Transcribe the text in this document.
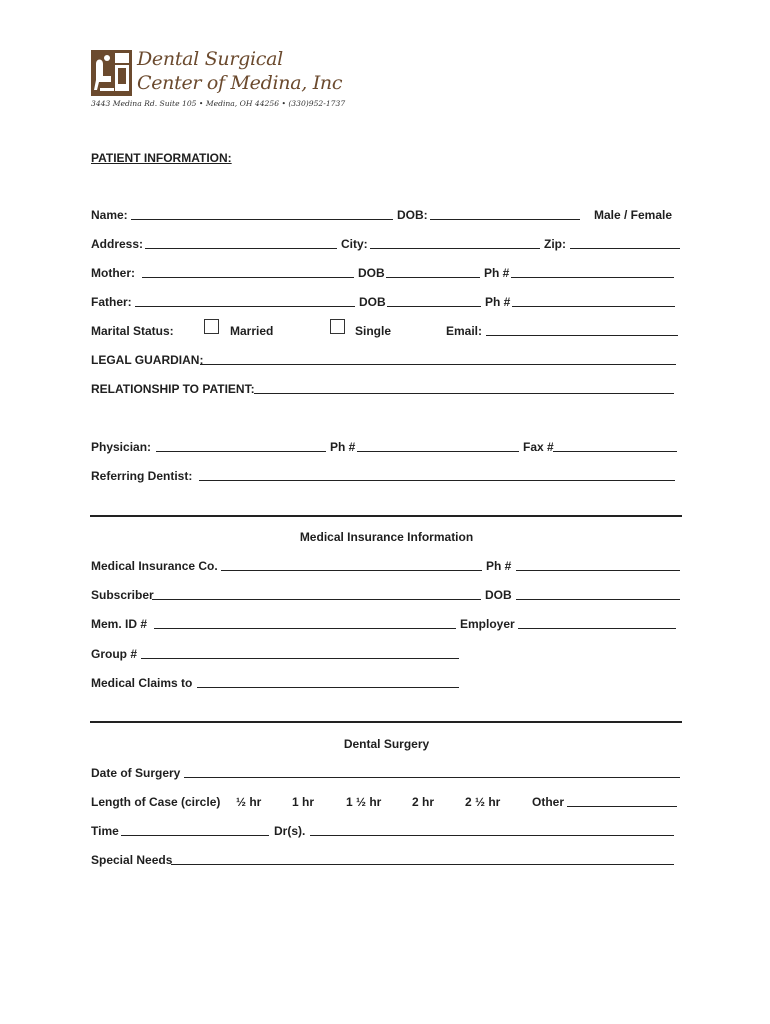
Dental Surgical
Center of Medina, Inc
3443 Medina Rd. Suite 105 • Medina, OH 44256 • (330)952-1737
PATIENT INFORMATION:
Name:	DOB:	Male / Female
Address:	City:	Zip:
Mother:	DOB	Ph #
Father:	DOB	Ph #
Marital Status:	Married	Single	Email:
LEGAL GUARDIAN:
RELATIONSHIP TO PATIENT:
Physician:	Ph #	Fax #
Referring Dentist:
Medical Insurance Information
Medical Insurance Co.	Ph #
Subscriber	DOB
Mem. ID #	Employer
Group #
Medical Claims to
Dental Surgery
Date of Surgery
Length of Case (circle) ½ hr	1 hr	1 ½ hr	2 hr	2 ½ hr	Other
Time	Dr(s).
Special Needs
